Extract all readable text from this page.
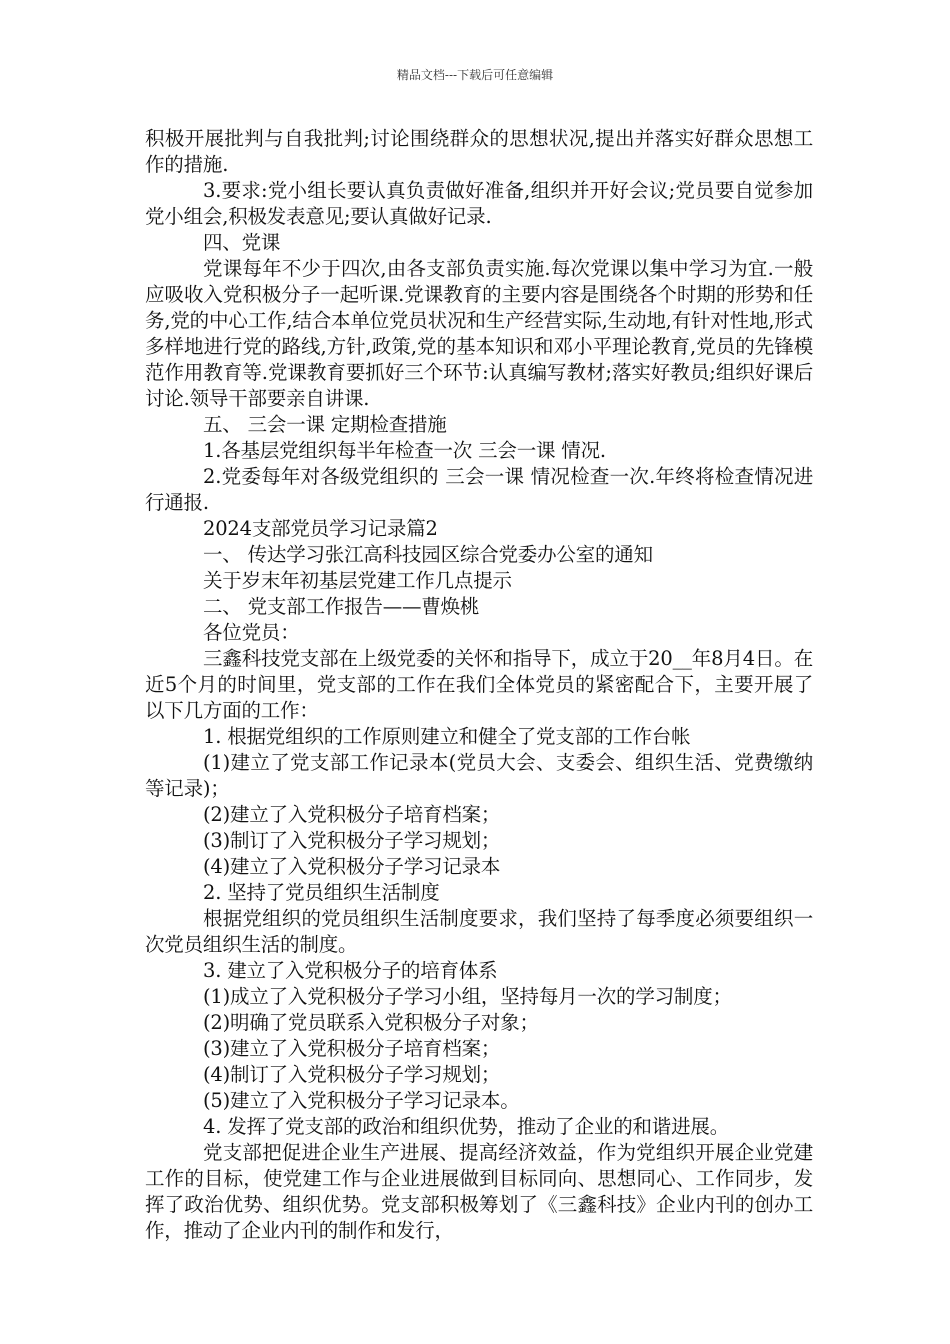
精品文档---下载后可任意编辑

积极开展批判与自我批判;讨论围绕群众的思想状况,提出并落实好群众思想工作的措施.

3.要求:党小组长要认真负责做好准备,组织并开好会议;党员要自觉参加党小组会,积极发表意见;要认真做好记录.

四、党课

党课每年不少于四次,由各支部负责实施.每次党课以集中学习为宜.一般应吸收入党积极分子一起听课.党课教育的主要内容是围绕各个时期的形势和任务,党的中心工作,结合本单位党员状况和生产经营实际,生动地,有针对性地,形式多样地进行党的路线,方针,政策,党的基本知识和邓小平理论教育,党员的先锋模范作用教育等.党课教育要抓好三个环节:认真编写教材;落实好教员;组织好课后讨论.领导干部要亲自讲课.

五、 三会一课 定期检查措施

1.各基层党组织每半年检查一次 三会一课 情况.

2.党委每年对各级党组织的 三会一课 情况检查一次.年终将检查情况进行通报.

2024支部党员学习记录篇2

一、 传达学习张江高科技园区综合党委办公室的通知

关于岁末年初基层党建工作几点提示

二、 党支部工作报告——曹焕桃

各位党员：

三鑫科技党支部在上级党委的关怀和指导下，成立于20__年8月4日。在近5个月的时间里，党支部的工作在我们全体党员的紧密配合下，主要开展了以下几方面的工作：

1. 根据党组织的工作原则建立和健全了党支部的工作台帐

(1)建立了党支部工作记录本(党员大会、支委会、组织生活、党费缴纳等记录)；

(2)建立了入党积极分子培育档案；

(3)制订了入党积极分子学习规划；

(4)建立了入党积极分子学习记录本

2. 坚持了党员组织生活制度

根据党组织的党员组织生活制度要求，我们坚持了每季度必须要组织一次党员组织生活的制度。

3. 建立了入党积极分子的培育体系

(1)成立了入党积极分子学习小组，坚持每月一次的学习制度；

(2)明确了党员联系入党积极分子对象；

(3)建立了入党积极分子培育档案；

(4)制订了入党积极分子学习规划；

(5)建立了入党积极分子学习记录本。

4. 发挥了党支部的政治和组织优势，推动了企业的和谐进展。

党支部把促进企业生产进展、提高经济效益，作为党组织开展企业党建工作的目标，使党建工作与企业进展做到目标同向、思想同心、工作同步，发挥了政治优势、组织优势。党支部积极筹划了《三鑫科技》企业内刊的创办工作，推动了企业内刊的制作和发行，
